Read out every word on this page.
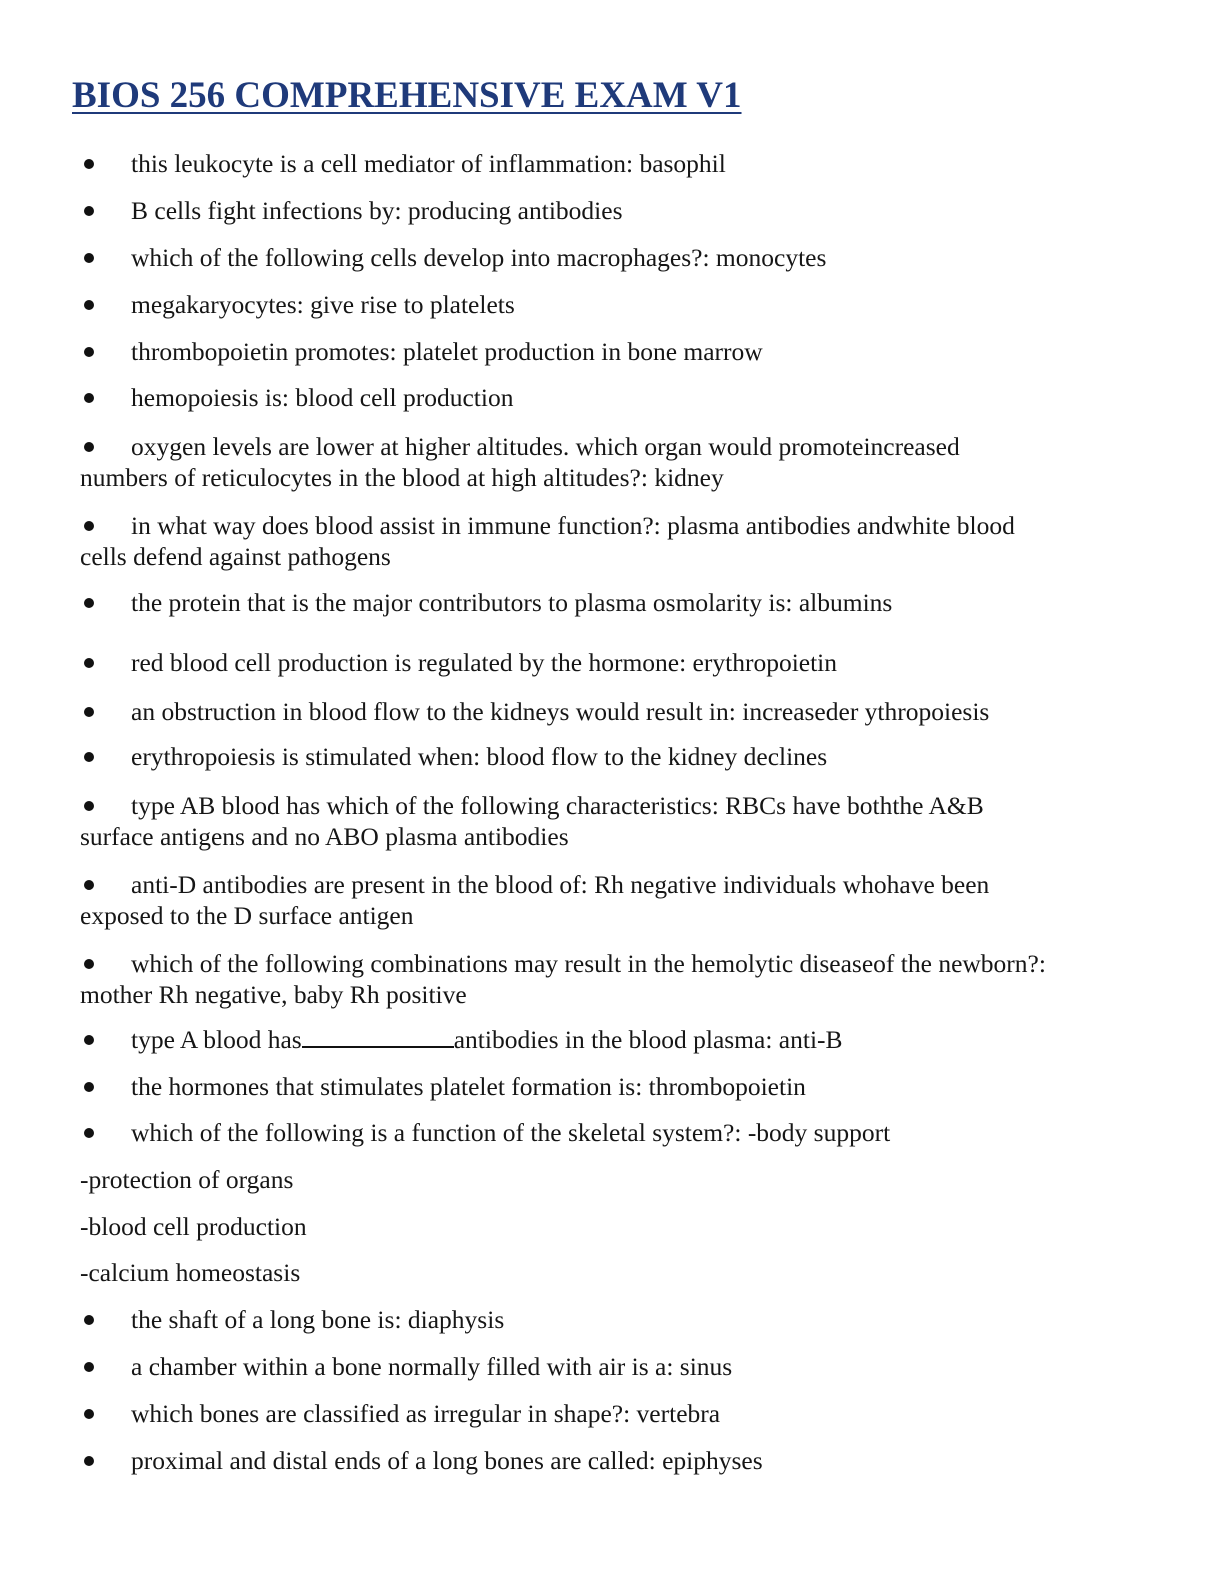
BIOS 256 COMPREHENSIVE EXAM V1
this leukocyte is a cell mediator of inflammation: basophil
B cells fight infections by: producing antibodies
which of the following cells develop into macrophages?: monocytes
megakaryocytes: give rise to platelets
thrombopoietin promotes: platelet production in bone marrow
hemopoiesis is: blood cell production
oxygen levels are lower at higher altitudes. which organ would promoteincreased
numbers of reticulocytes in the blood at high altitudes?: kidney
in what way does blood assist in immune function?: plasma antibodies andwhite blood
cells defend against pathogens
the protein that is the major contributors to plasma osmolarity is: albumins
red blood cell production is regulated by the hormone: erythropoietin
an obstruction in blood flow to the kidneys would result in: increaseder ythropoiesis
erythropoiesis is stimulated when: blood flow to the kidney declines
type AB blood has which of the following characteristics: RBCs have boththe A&B
surface antigens and no ABO plasma antibodies
anti-D antibodies are present in the blood of: Rh negative individuals whohave been
exposed to the D surface antigen
which of the following combinations may result in the hemolytic diseaseof the newborn?:
mother Rh negative, baby Rh positive
type A blood has	antibodies in the blood plasma: anti-B
the hormones that stimulates platelet formation is: thrombopoietin
which of the following is a function of the skeletal system?: -body support
-protection of organs
-blood cell production
-calcium homeostasis
the shaft of a long bone is: diaphysis
a chamber within a bone normally filled with air is a: sinus
which bones are classified as irregular in shape?: vertebra
proximal and distal ends of a long bones are called: epiphyses
